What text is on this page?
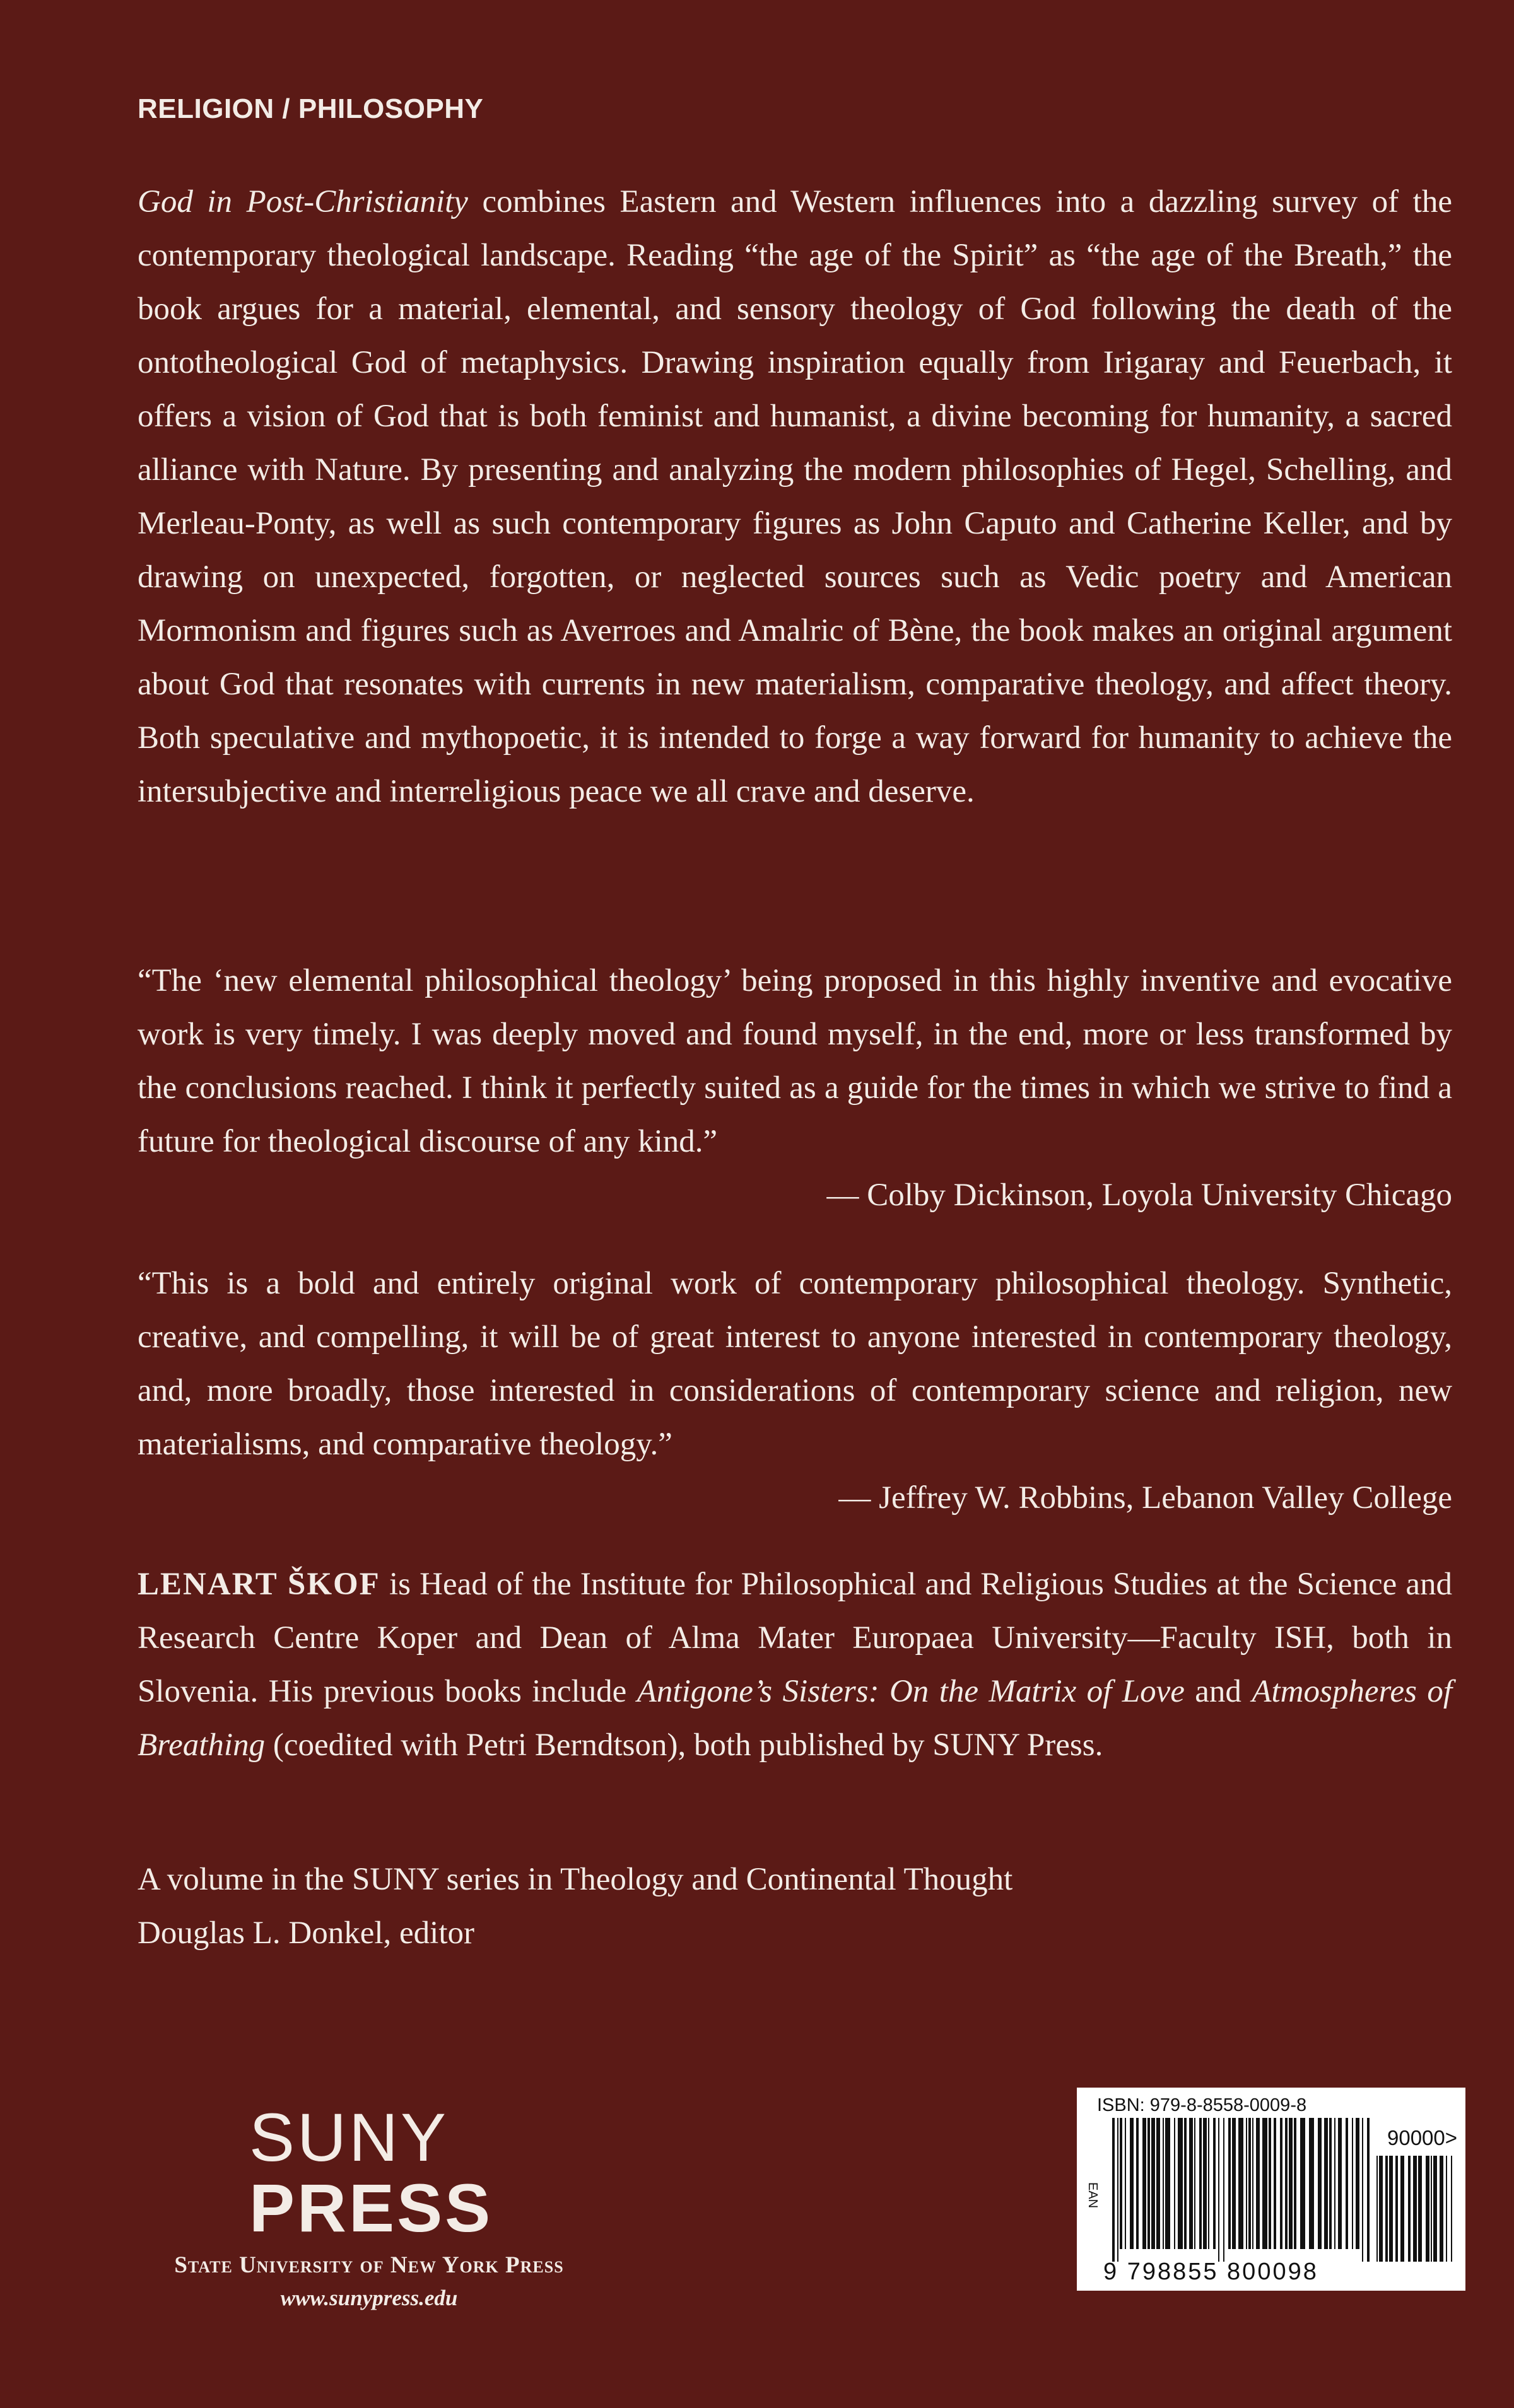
RELIGION / PHILOSOPHY

God in Post-Christianity combines Eastern and Western influences into a dazzling survey of the contemporary theological landscape. Reading “the age of the Spirit” as “the age of the Breath,” the book argues for a material, elemental, and sensory theology of God following the death of the ontotheological God of metaphysics. Drawing inspiration equally from Irigaray and Feuerbach, it offers a vision of God that is both feminist and humanist, a divine becoming for humanity, a sacred alliance with Nature. By presenting and analyzing the modern philosophies of Hegel, Schelling, and Merleau-Ponty, as well as such contemporary figures as John Caputo and Catherine Keller, and by drawing on unexpected, forgotten, or neglected sources such as Vedic poetry and American Mormonism and figures such as Averroes and Amalric of Bène, the book makes an original argument about God that resonates with currents in new materialism, comparative theology, and affect theory. Both speculative and mythopoetic, it is intended to forge a way forward for humanity to achieve the intersubjective and interreligious peace we all crave and deserve.

“The ‘new elemental philosophical theology’ being proposed in this highly inventive and evocative work is very timely. I was deeply moved and found myself, in the end, more or less transformed by the conclusions reached. I think it perfectly suited as a guide for the times in which we strive to find a future for theological discourse of any kind.”

— Colby Dickinson, Loyola University Chicago

“This is a bold and entirely original work of contemporary philosophical theology. Synthetic, creative, and compelling, it will be of great interest to anyone interested in contemporary theology, and, more broadly, those interested in considerations of contemporary science and religion, new materialisms, and comparative theology.”

— Jeffrey W. Robbins, Lebanon Valley College

LENART ŠKOF is Head of the Institute for Philosophical and Religious Studies at the Science and Research Centre Koper and Dean of Alma Mater Europaea University—Faculty ISH, both in Slovenia. His previous books include Antigone’s Sisters: On the Matrix of Love and Atmospheres of Breathing (coedited with Petri Berndtson), both published by SUNY Press.

A volume in the SUNY series in Theology and Continental Thought
Douglas L. Donkel, editor
SUNY
PRESS
State University of New York Press
www.sunypress.edu
ISBN: 979-8-8558-0009-8
90000>
EAN
9 798855 800098
